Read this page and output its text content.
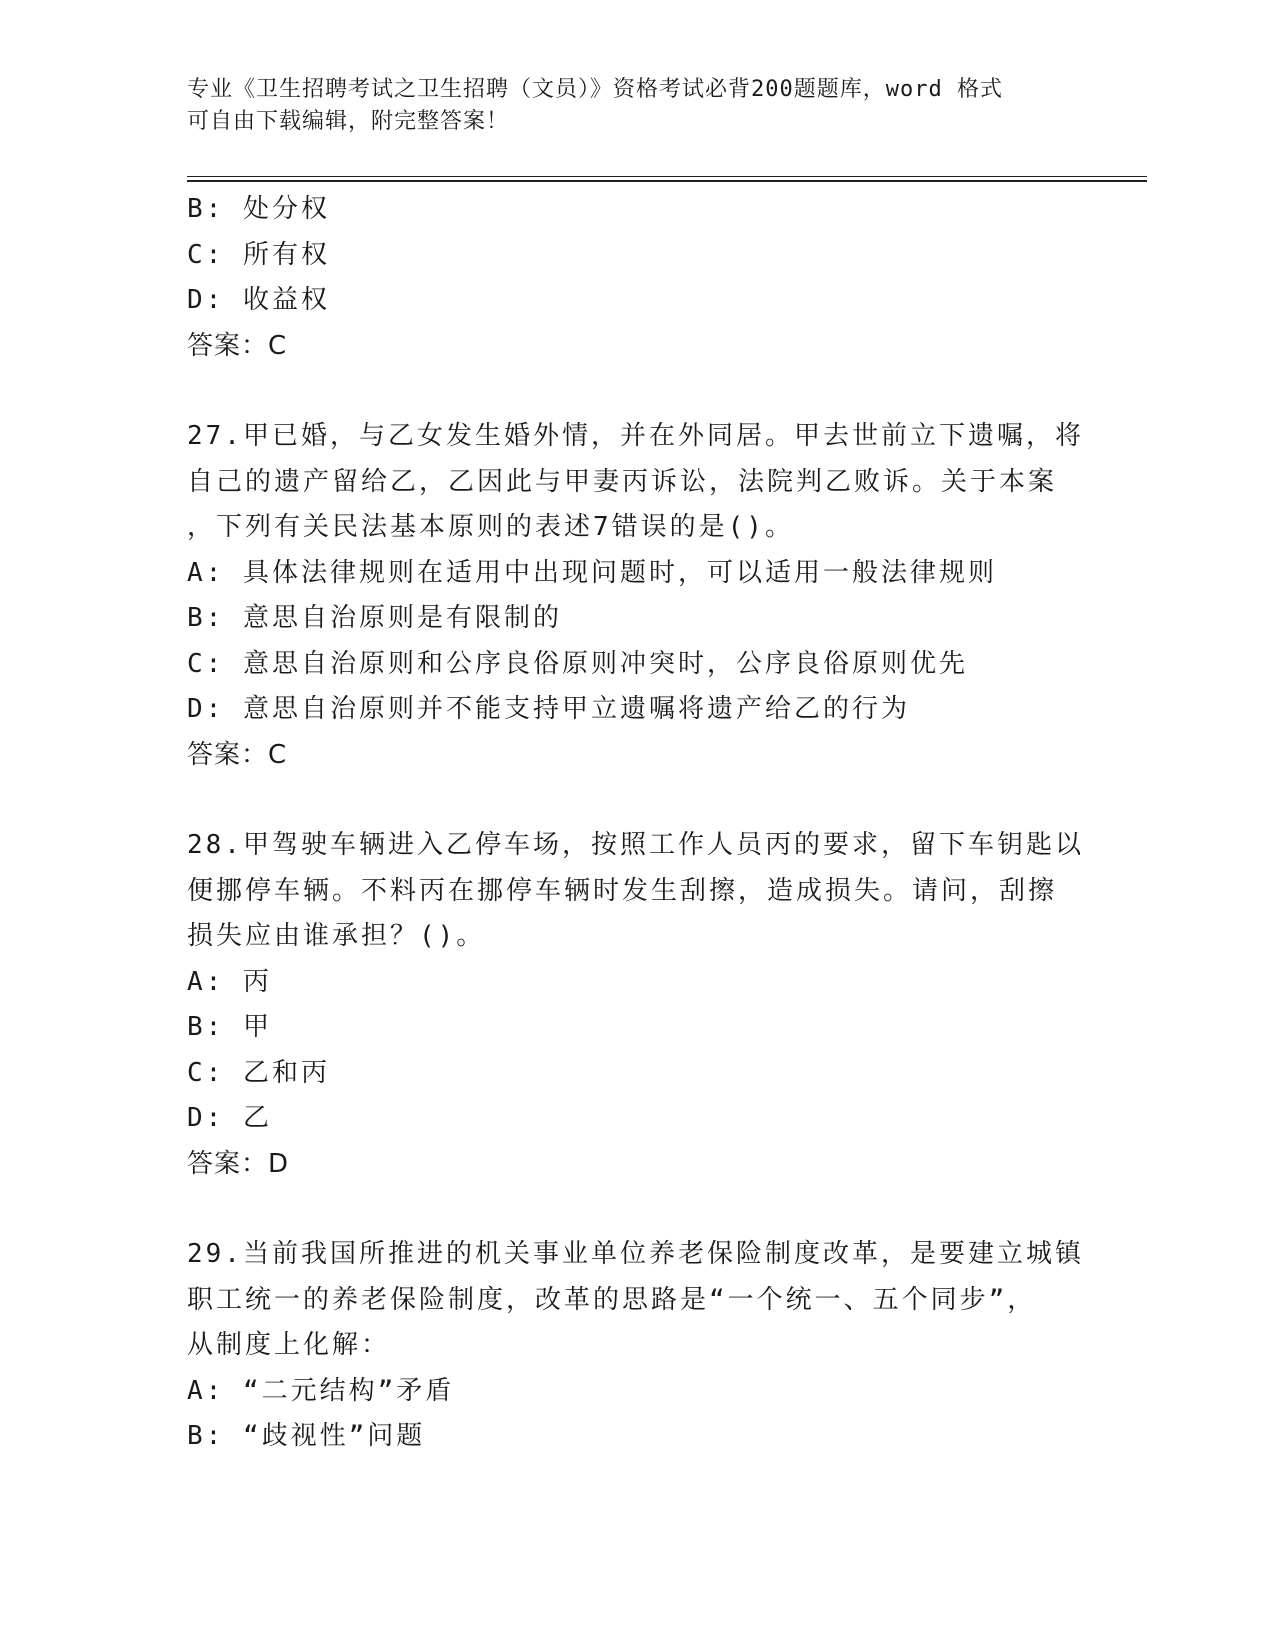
专业《卫生招聘考试之卫生招聘（文员）》资格考试必背200题题库，word 格式
可自由下载编辑，附完整答案！
B: 处分权
C: 所有权
D: 收益权
答案：C
27.甲已婚，与乙女发生婚外情，并在外同居。甲去世前立下遗嘱，将
自己的遗产留给乙，乙因此与甲妻丙诉讼，法院判乙败诉。关于本案
，下列有关民法基本原则的表述7错误的是()。
A: 具体法律规则在适用中出现问题时，可以适用一般法律规则
B: 意思自治原则是有限制的
C: 意思自治原则和公序良俗原则冲突时，公序良俗原则优先
D: 意思自治原则并不能支持甲立遗嘱将遗产给乙的行为
答案：C
28.甲驾驶车辆进入乙停车场，按照工作人员丙的要求，留下车钥匙以
便挪停车辆。不料丙在挪停车辆时发生刮擦，造成损失。请问，刮擦
损失应由谁承担？()。
A: 丙
B: 甲
C: 乙和丙
D: 乙
答案：D
29.当前我国所推进的机关事业单位养老保险制度改革，是要建立城镇
职工统一的养老保险制度，改革的思路是“一个统一、五个同步”，
从制度上化解：
A: “二元结构”矛盾
B: “歧视性”问题
